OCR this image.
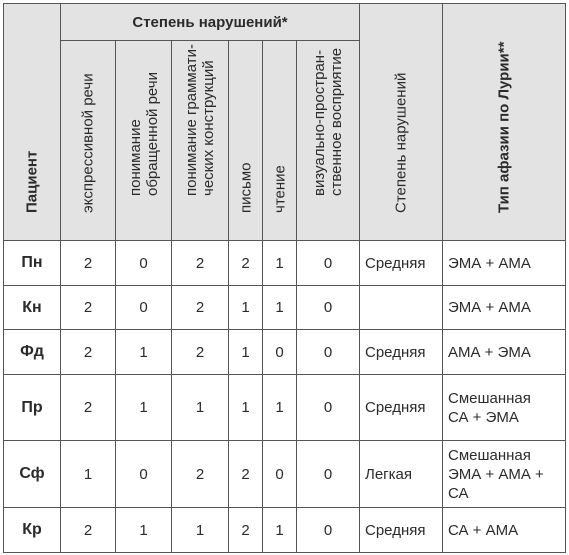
Пациент	Степень нарушений*						Степень нарушений	Тип афазии по Лурии**

	экспрессивной речи	понимание обращенной речи	понимание граммати- ческих конструкций	письмо	чтение	визуально-простран- ственное восприятие		

Пн	2	0	2	2	1	0	Средняя	ЭМА + АМА

Кн	2	0	2	1	1	0		ЭМА + АМА

Фд	2	1	2	1	0	0	Средняя	АМА + ЭМА

Пр	2	1	1	1	1	0	Средняя	Смешанная
СА + ЭМА

Сф	1	0	2	2	0	0	Легкая	Смешанная
ЭМА + АМА + СА

Кр	2	1	1	2	1	0	Средняя	СА + АМА
